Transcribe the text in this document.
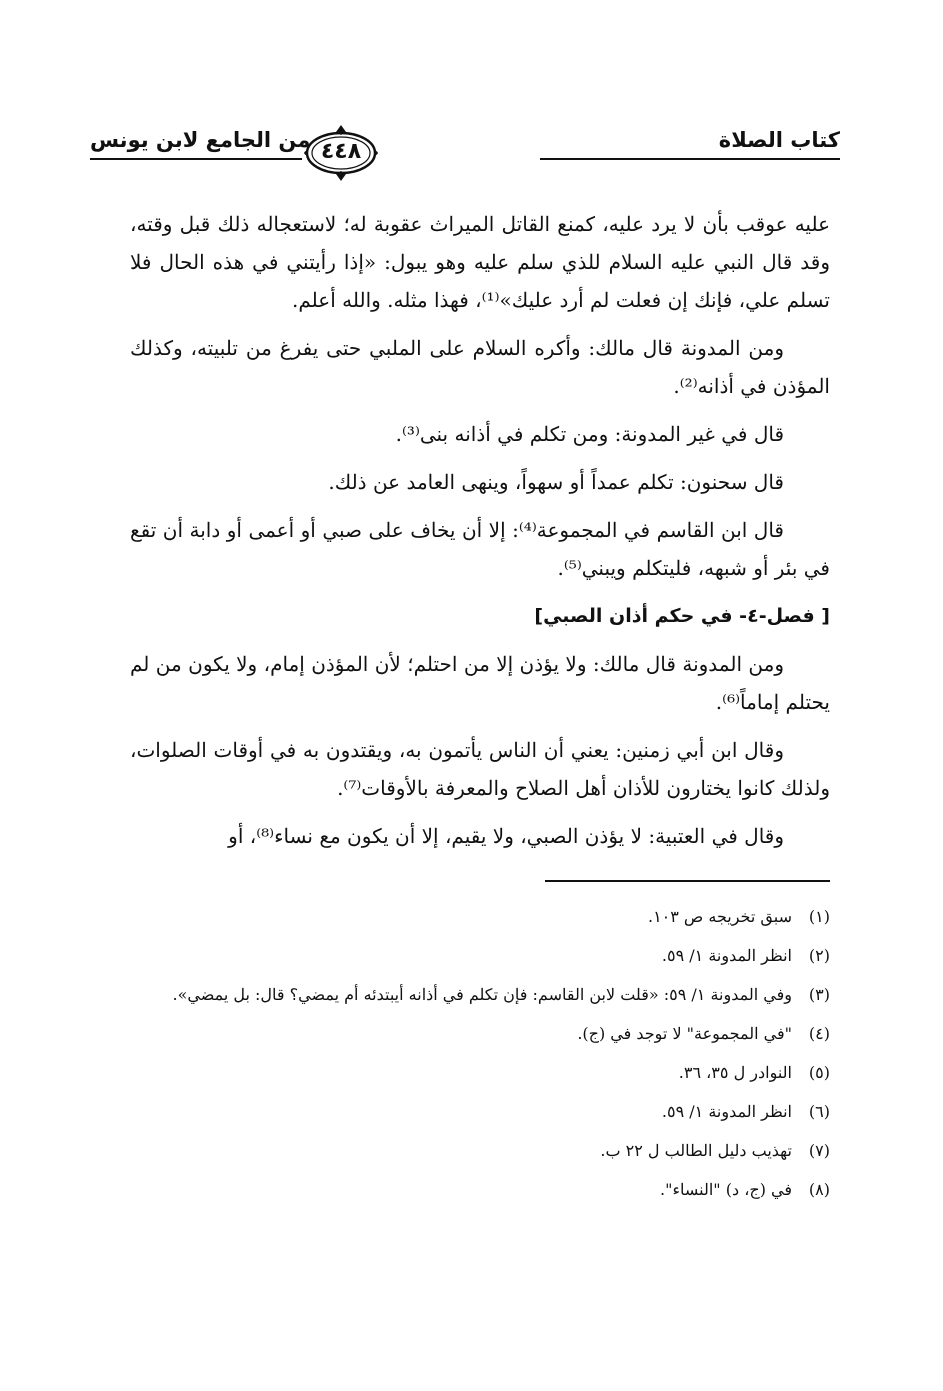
كتاب الصلاة
٤٤٨
من الجامع لابن يونس

عليه عوقب بأن لا يرد عليه، كمنع القاتل الميراث عقوبة له؛ لاستعجاله ذلك قبل وقته، وقد قال النبي عليه السلام للذي سلم عليه وهو يبول: «إذا رأيتني في هذه الحال فلا تسلم علي، فإنك إن فعلت لم أرد عليك»⁽¹⁾، فهذا مثله. والله أعلم.

ومن المدونة قال مالك: وأكره السلام على الملبي حتى يفرغ من تلبيته، وكذلك المؤذن في أذانه⁽²⁾.

قال في غير المدونة: ومن تكلم في أذانه بنى⁽³⁾.

قال سحنون: تكلم عمداً أو سهواً، وينهى العامد عن ذلك.

قال ابن القاسم في المجموعة⁽⁴⁾: إلا أن يخاف على صبي أو أعمى أو دابة أن تقع في بئر أو شبهه، فليتكلم ويبني⁽⁵⁾.

[ فصل-٤- في حكم أذان الصبي]

ومن المدونة قال مالك: ولا يؤذن إلا من احتلم؛ لأن المؤذن إمام، ولا يكون من لم يحتلم إماماً⁽⁶⁾.

وقال ابن أبي زمنين: يعني أن الناس يأتمون به، ويقتدون به في أوقات الصلوات، ولذلك كانوا يختارون للأذان أهل الصلاح والمعرفة بالأوقات⁽⁷⁾.

وقال في العتبية: لا يؤذن الصبي، ولا يقيم، إلا أن يكون مع نساء⁽⁸⁾، أو

(١)
سبق تخريجه ص ١٠٣.
(٢)
انظر المدونة ١/ ٥٩.
(٣)
وفي المدونة ١/ ٥٩: «قلت لابن القاسم: فإن تكلم في أذانه أيبتدئه أم يمضي؟ قال: بل يمضي».
(٤)
"في المجموعة" لا توجد في (ج).
(٥)
النوادر ل ٣٥، ٣٦.
(٦)
انظر المدونة ١/ ٥٩.
(٧)
تهذيب دليل الطالب ل ٢٢ ب.
(٨)
في (ج، د) "النساء".
